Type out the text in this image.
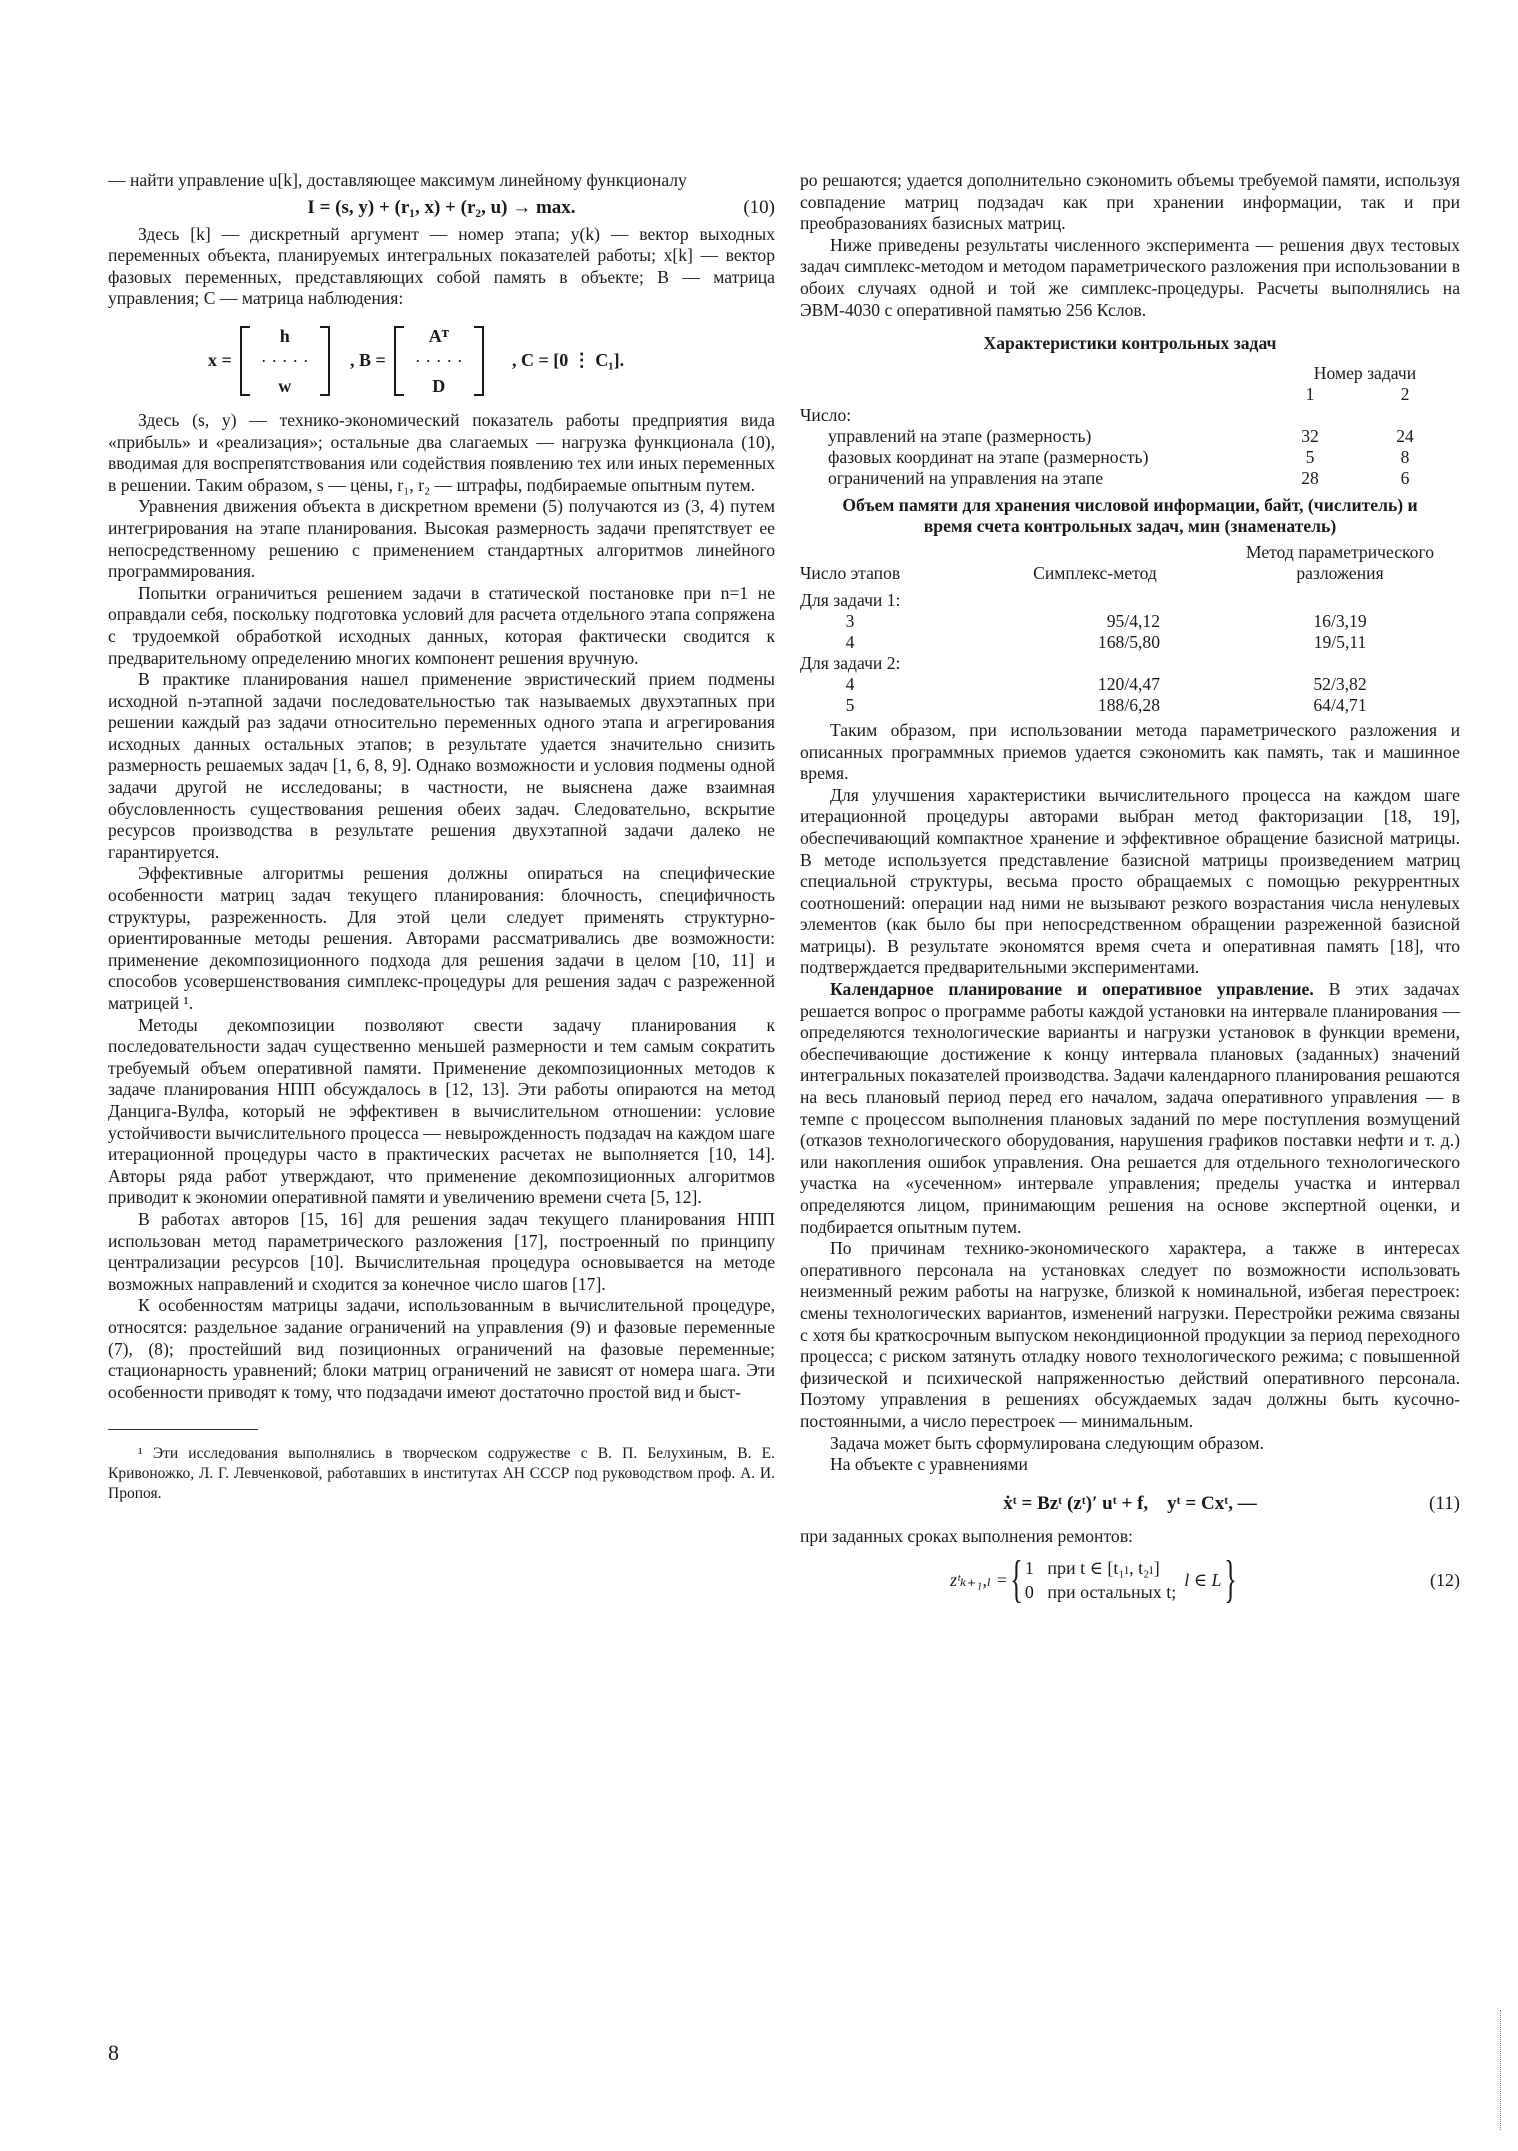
— найти управление u[k], доставляющее максимум линейному функционалу

I = (s, y) + (r₁, x) + (r₂, u) → max.	(10)

Здесь [k] — дискретный аргумент — номер этапа; y(k) — вектор выходных переменных объекта, планируемых интегральных показателей работы; x[k] — вектор фазовых переменных, представляющих собой память в объекте; B — матрица управления; C — матрица наблюдения:

x =
h
· · · · ·
w
, B =
Aᵀ
· · · · ·
D
, C = [0 ⋮ C₁].

Здесь (s, y) — технико-экономический показатель работы предприятия вида «прибыль» и «реализация»; остальные два слагаемых — нагрузка функционала (10), вводимая для воспрепятствования или содействия появлению тех или иных переменных в решении. Таким образом, s — цены, r₁, r₂ — штрафы, подбираемые опытным путем.

Уравнения движения объекта в дискретном времени (5) получаются из (3, 4) путем интегрирования на этапе планирования. Высокая размерность задачи препятствует ее непосредственному решению с применением стандартных алгоритмов линейного программирования.

Попытки ограничиться решением задачи в статической постановке при n=1 не оправдали себя, поскольку подготовка условий для расчета отдельного этапа сопряжена с трудоемкой обработкой исходных данных, которая фактически сводится к предварительному определению многих компонент решения вручную.

В практике планирования нашел применение эвристический прием подмены исходной n-этапной задачи последовательностью так называемых двухэтапных при решении каждый раз задачи относительно переменных одного этапа и агрегирования исходных данных остальных этапов; в результате удается значительно снизить размерность решаемых задач [1, 6, 8, 9]. Однако возможности и условия подмены одной задачи другой не исследованы; в частности, не выяснена даже взаимная обусловленность существования решения обеих задач. Следовательно, вскрытие ресурсов производства в результате решения двухэтапной задачи далеко не гарантируется.

Эффективные алгоритмы решения должны опираться на специфические особенности матриц задач текущего планирования: блочность, специфичность структуры, разреженность. Для этой цели следует применять структурно-ориентированные методы решения. Авторами рассматривались две возможности: применение декомпозиционного подхода для решения задачи в целом [10, 11] и способов усовершенствования симплекс-процедуры для решения задач с разреженной матрицей ¹.

Методы декомпозиции позволяют свести задачу планирования к последовательности задач существенно меньшей размерности и тем самым сократить требуемый объем оперативной памяти. Применение декомпозиционных методов к задаче планирования НПП обсуждалось в [12, 13]. Эти работы опираются на метод Данцига-Вулфа, который не эффективен в вычислительном отношении: условие устойчивости вычислительного процесса — невырожденность подзадач на каждом шаге итерационной процедуры часто в практических расчетах не выполняется [10, 14]. Авторы ряда работ утверждают, что применение декомпозиционных алгоритмов приводит к экономии оперативной памяти и увеличению времени счета [5, 12].

В работах авторов [15, 16] для решения задач текущего планирования НПП использован метод параметрического разложения [17], построенный по принципу централизации ресурсов [10]. Вычислительная процедура основывается на методе возможных направлений и сходится за конечное число шагов [17].

К особенностям матрицы задачи, использованным в вычислительной процедуре, относятся: раздельное задание ограничений на управления (9) и фазовые переменные (7), (8); простейший вид позиционных ограничений на фазовые переменные; стационарность уравнений; блоки матриц ограничений не зависят от номера шага. Эти особенности приводят к тому, что подзадачи имеют достаточно простой вид и быст-

¹ Эти исследования выполнялись в творческом содружестве с В. П. Белухиным, В. Е. Кривоножко, Л. Г. Левченковой, работавших в институтах АН СССР под руководством проф. А. И. Пропоя.

8

ро решаются; удается дополнительно сэкономить объемы требуемой памяти, используя совпадение матриц подзадач как при хранении информации, так и при преобразованиях базисных матриц.

Ниже приведены результаты численного эксперимента — решения двух тестовых задач симплекс-методом и методом параметрического разложения при использовании в обоих случаях одной и той же симплекс-процедуры. Расчеты выполнялись на ЭВМ-4030 с оперативной памятью 256 Кслов.

Характеристики контрольных задач

	Номер задачи	
	1	2
Число:		
управлений на этапе (размерность)	32	24
фазовых координат на этапе (размерность)	5	8
ограничений на управления на этапе	28	6

Объем памяти для хранения числовой информации, байт, (числитель) и время счета контрольных задач, мин (знаменатель)

Число этапов	Симплекс-метод	Метод параметрического разложения
Для задачи 1:		
3	95/4,12	16/3,19
4	168/5,80	19/5,11
Для задачи 2:		
4	120/4,47	52/3,82
5	188/6,28	64/4,71

Таким образом, при использовании метода параметрического разложения и описанных программных приемов удается сэкономить как память, так и машинное время.

Для улучшения характеристики вычислительного процесса на каждом шаге итерационной процедуры авторами выбран метод факторизации [18, 19], обеспечивающий компактное хранение и эффективное обращение базисной матрицы. В методе используется представление базисной матрицы произведением матриц специальной структуры, весьма просто обращаемых с помощью рекуррентных соотношений: операции над ними не вызывают резкого возрастания числа ненулевых элементов (как было бы при непосредственном обращении разреженной базисной матрицы). В результате экономятся время счета и оперативная память [18], что подтверждается предварительными экспериментами.

Календарное планирование и оперативное управление. В этих задачах решается вопрос о программе работы каждой установки на интервале планирования — определяются технологические варианты и нагрузки установок в функции времени, обеспечивающие достижение к концу интервала плановых (заданных) значений интегральных показателей производства. Задачи календарного планирования решаются на весь плановый период перед его началом, задача оперативного управления — в темпе с процессом выполнения плановых заданий по мере поступления возмущений (отказов технологического оборудования, нарушения графиков поставки нефти и т. д.) или накопления ошибок управления. Она решается для отдельного технологического участка на «усеченном» интервале управления; пределы участка и интервал определяются лицом, принимающим решения на основе экспертной оценки, и подбирается опытным путем.

По причинам технико-экономического характера, а также в интересах оперативного персонала на установках следует по возможности использовать неизменный режим работы на нагрузке, близкой к номинальной, избегая перестроек: смены технологических вариантов, изменений нагрузки. Перестройки режима связаны с хотя бы краткосрочным выпуском некондиционной продукции за период переходного процесса; с риском затянуть отладку нового технологического режима; с повышенной физической и психической напряженностью действий оперативного персонала. Поэтому управления в решениях обсуждаемых задач должны быть кусочно-постоянными, а число перестроек — минимальным.

Задача может быть сформулирована следующим образом.

На объекте с уравнениями

ẋᵗ = Bzᵗ (zᵗ)′ uᵗ + f,    yᵗ = Cxᵗ, —	(11)

при заданных сроках выполнения ремонтов:

zᵗₖ₊₁,ₗ = { 1   при t ∈ [t₁ₗ, t₂ₗ]
0   при остальных t;
l ∈ L }	(12)
